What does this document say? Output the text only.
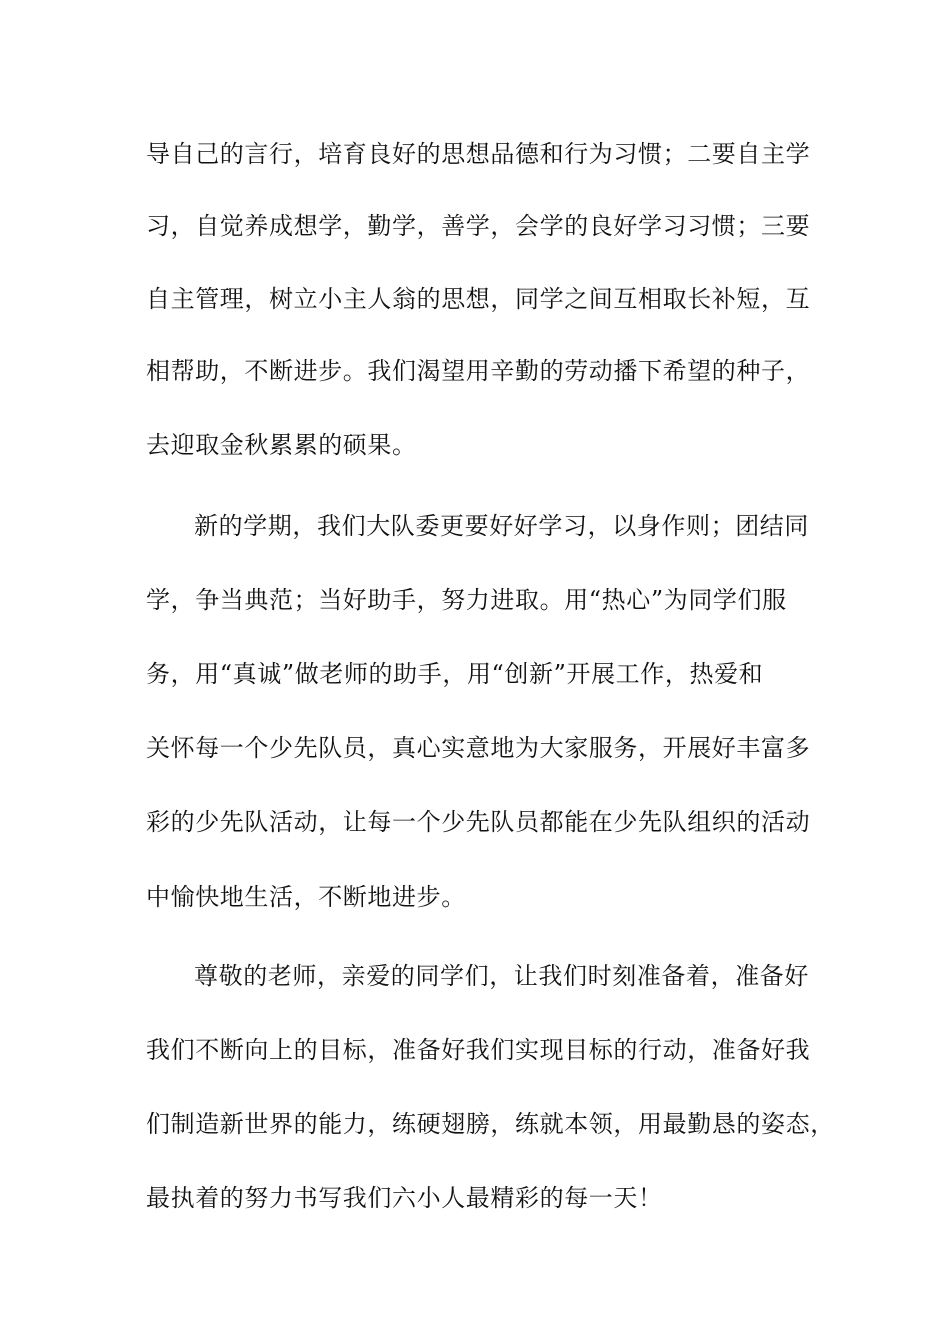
导自己的言行，培育良好的思想品德和行为习惯；二要自主学
习，自觉养成想学，勤学，善学，会学的良好学习习惯；三要
自主管理，树立小主人翁的思想，同学之间互相取长补短，互
相帮助，不断进步。我们渴望用辛勤的劳动播下希望的种子，
去迎取金秋累累的硕果。
新的学期，我们大队委更要好好学习，以身作则；团结同
学，争当典范；当好助手，努力进取。用“热心”为同学们服
务，用“真诚”做老师的助手，用“创新”开展工作，热爱和
关怀每一个少先队员，真心实意地为大家服务，开展好丰富多
彩的少先队活动，让每一个少先队员都能在少先队组织的活动
中愉快地生活，不断地进步。
尊敬的老师，亲爱的同学们，让我们时刻准备着，准备好
我们不断向上的目标，准备好我们实现目标的行动，准备好我
们制造新世界的能力，练硬翅膀，练就本领，用最勤恳的姿态，
最执着的努力书写我们六小人最精彩的每一天！
